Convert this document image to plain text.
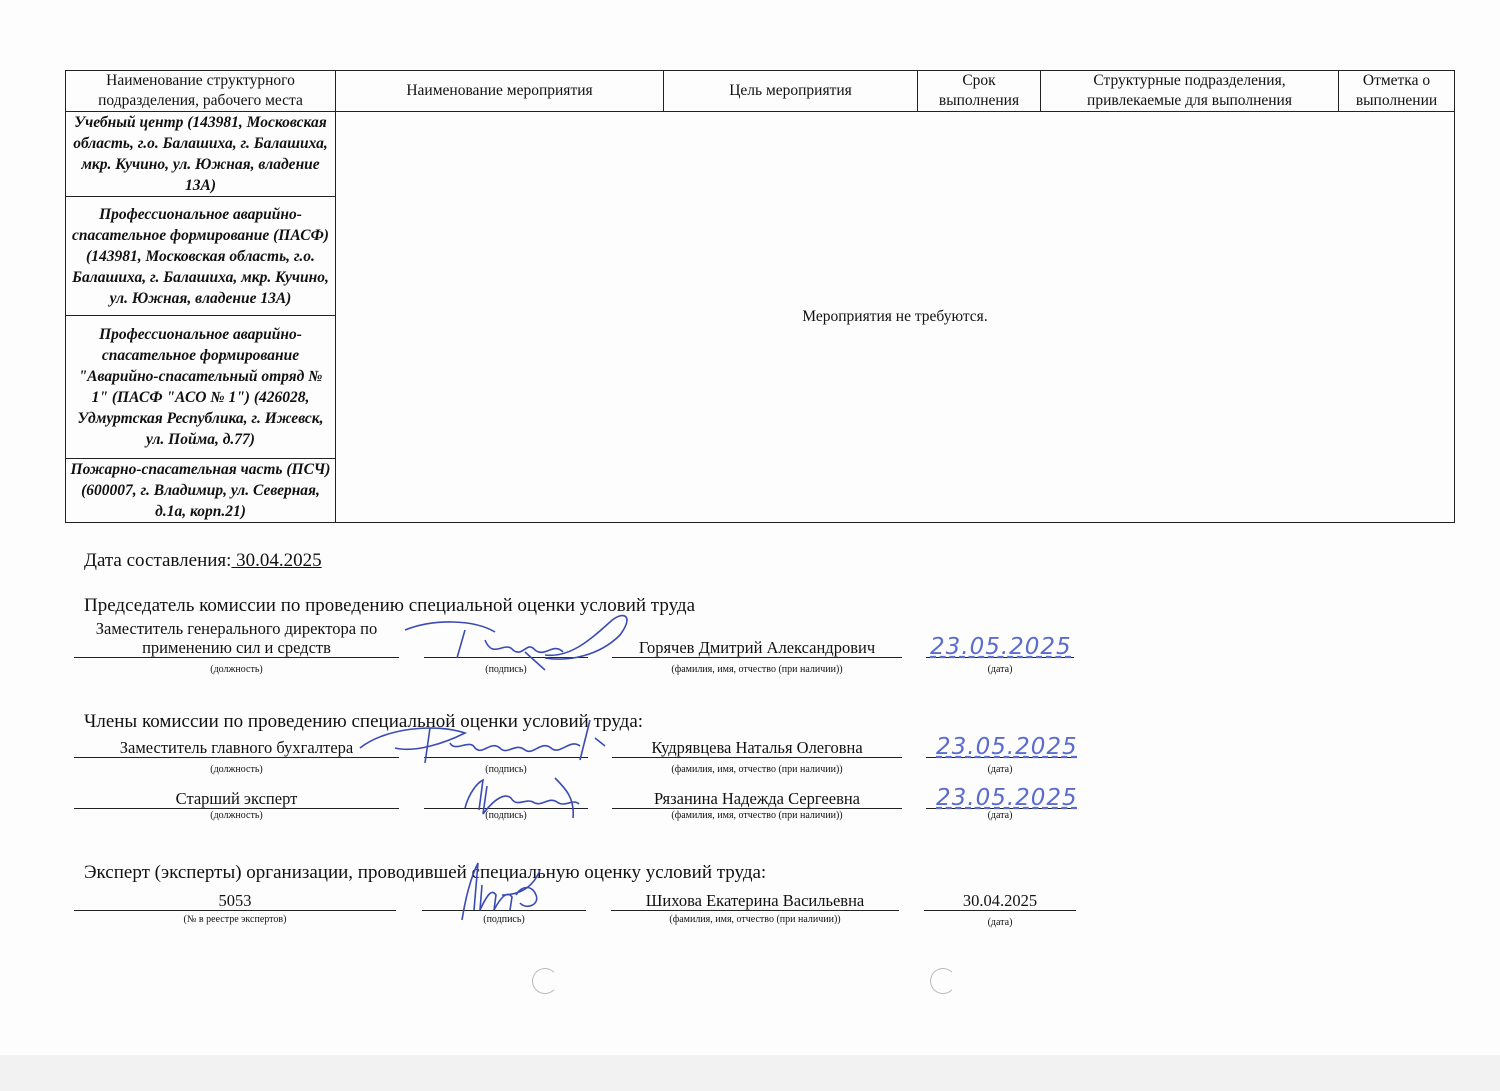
Наименование структурного подразделения, рабочего места	Наименование мероприятия	Цель мероприятия	Срок выполнения	Структурные подразделения, привлекаемые для выполнения	Отметка о выполнении
Учебный центр (143981, Московская область, г.о. Балашиха, г. Балашиха, мкр. Кучино, ул. Южная, владение 13А)	Мероприятия не требуются.				
Профессиональное аварийно-спасательное формирование (ПАСФ) (143981, Московская область, г.о. Балашиха, г. Балашиха, мкр. Кучино, ул. Южная, владение 13А)					
Профессиональное аварийно-спасательное формирование "Аварийно-спасательный отряд № 1" (ПАСФ "АСО № 1") (426028, Удмуртская Республика, г. Ижевск, ул. Пойма, д.77)					
Пожарно-спасательная часть (ПСЧ) (600007, г. Владимир, ул. Северная, д.1а, корп.21)					
Дата составления: 30.04.2025
Председатель комиссии по проведению специальной оценки условий труда
Заместитель генерального директора по применению сил и средств	Горячев Дмитрий Александрович	23.05.2025
(должность)	(подпись)	(фамилия, имя, отчество (при наличии))	(дата)
Члены комиссии по проведению специальной оценки условий труда:
Заместитель главного бухгалтера	Кудрявцева Наталья Олеговна	23.05.2025
(должность)	(подпись)	(фамилия, имя, отчество (при наличии))	(дата)
Старший эксперт	Рязанина Надежда Сергеевна	23.05.2025
(должность)	(подпись)	(фамилия, имя, отчество (при наличии))	(дата)
Эксперт (эксперты) организации, проводившей специальную оценку условий труда:
5053	Шихова Екатерина Васильевна	30.04.2025
(№ в реестре экспертов)	(подпись)	(фамилия, имя, отчество (при наличии))	(дата)
